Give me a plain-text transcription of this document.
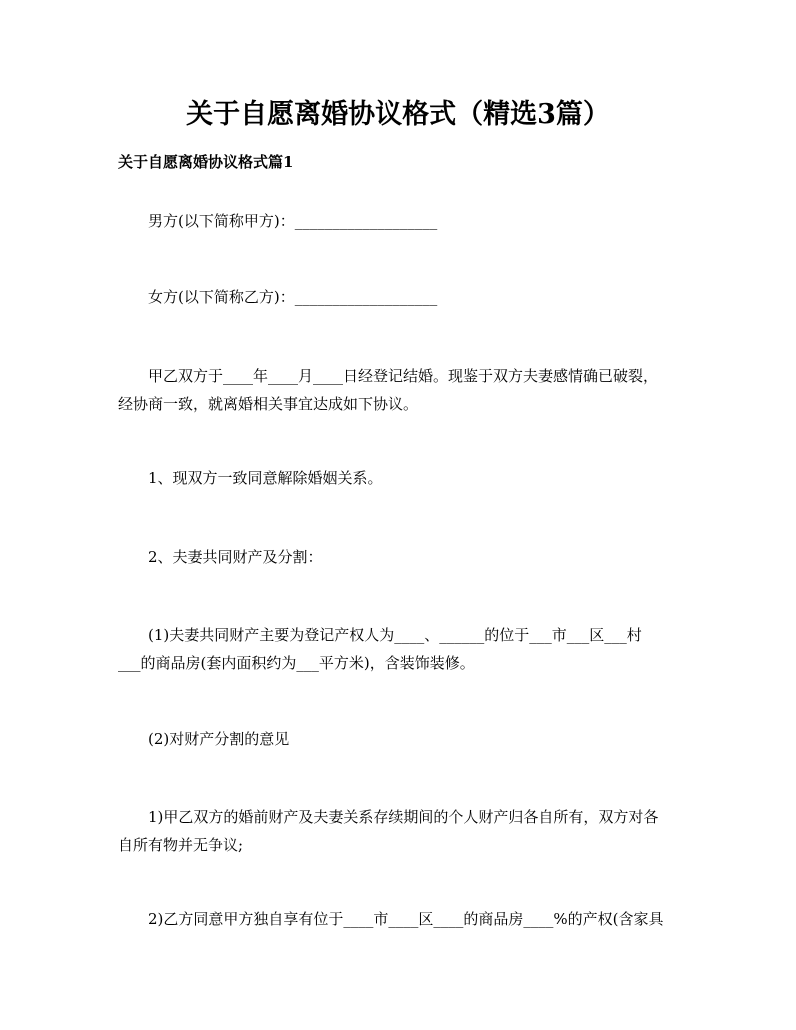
关于自愿离婚协议格式（精选3篇）
关于自愿离婚协议格式篇1
男方(以下简称甲方)：___________________
女方(以下简称乙方)：___________________
甲乙双方于____年____月____日经登记结婚。现鉴于双方夫妻感情确已破裂，
经协商一致，就离婚相关事宜达成如下协议。
1、现双方一致同意解除婚姻关系。
2、夫妻共同财产及分割：
(1)夫妻共同财产主要为登记产权人为____、______的位于___市___区___村
___的商品房(套内面积约为___平方米)，含装饰装修。
(2)对财产分割的意见
1)甲乙双方的婚前财产及夫妻关系存续期间的个人财产归各自所有，双方对各
自所有物并无争议;
2)乙方同意甲方独自享有位于____市____区____的商品房____%的产权(含家具
